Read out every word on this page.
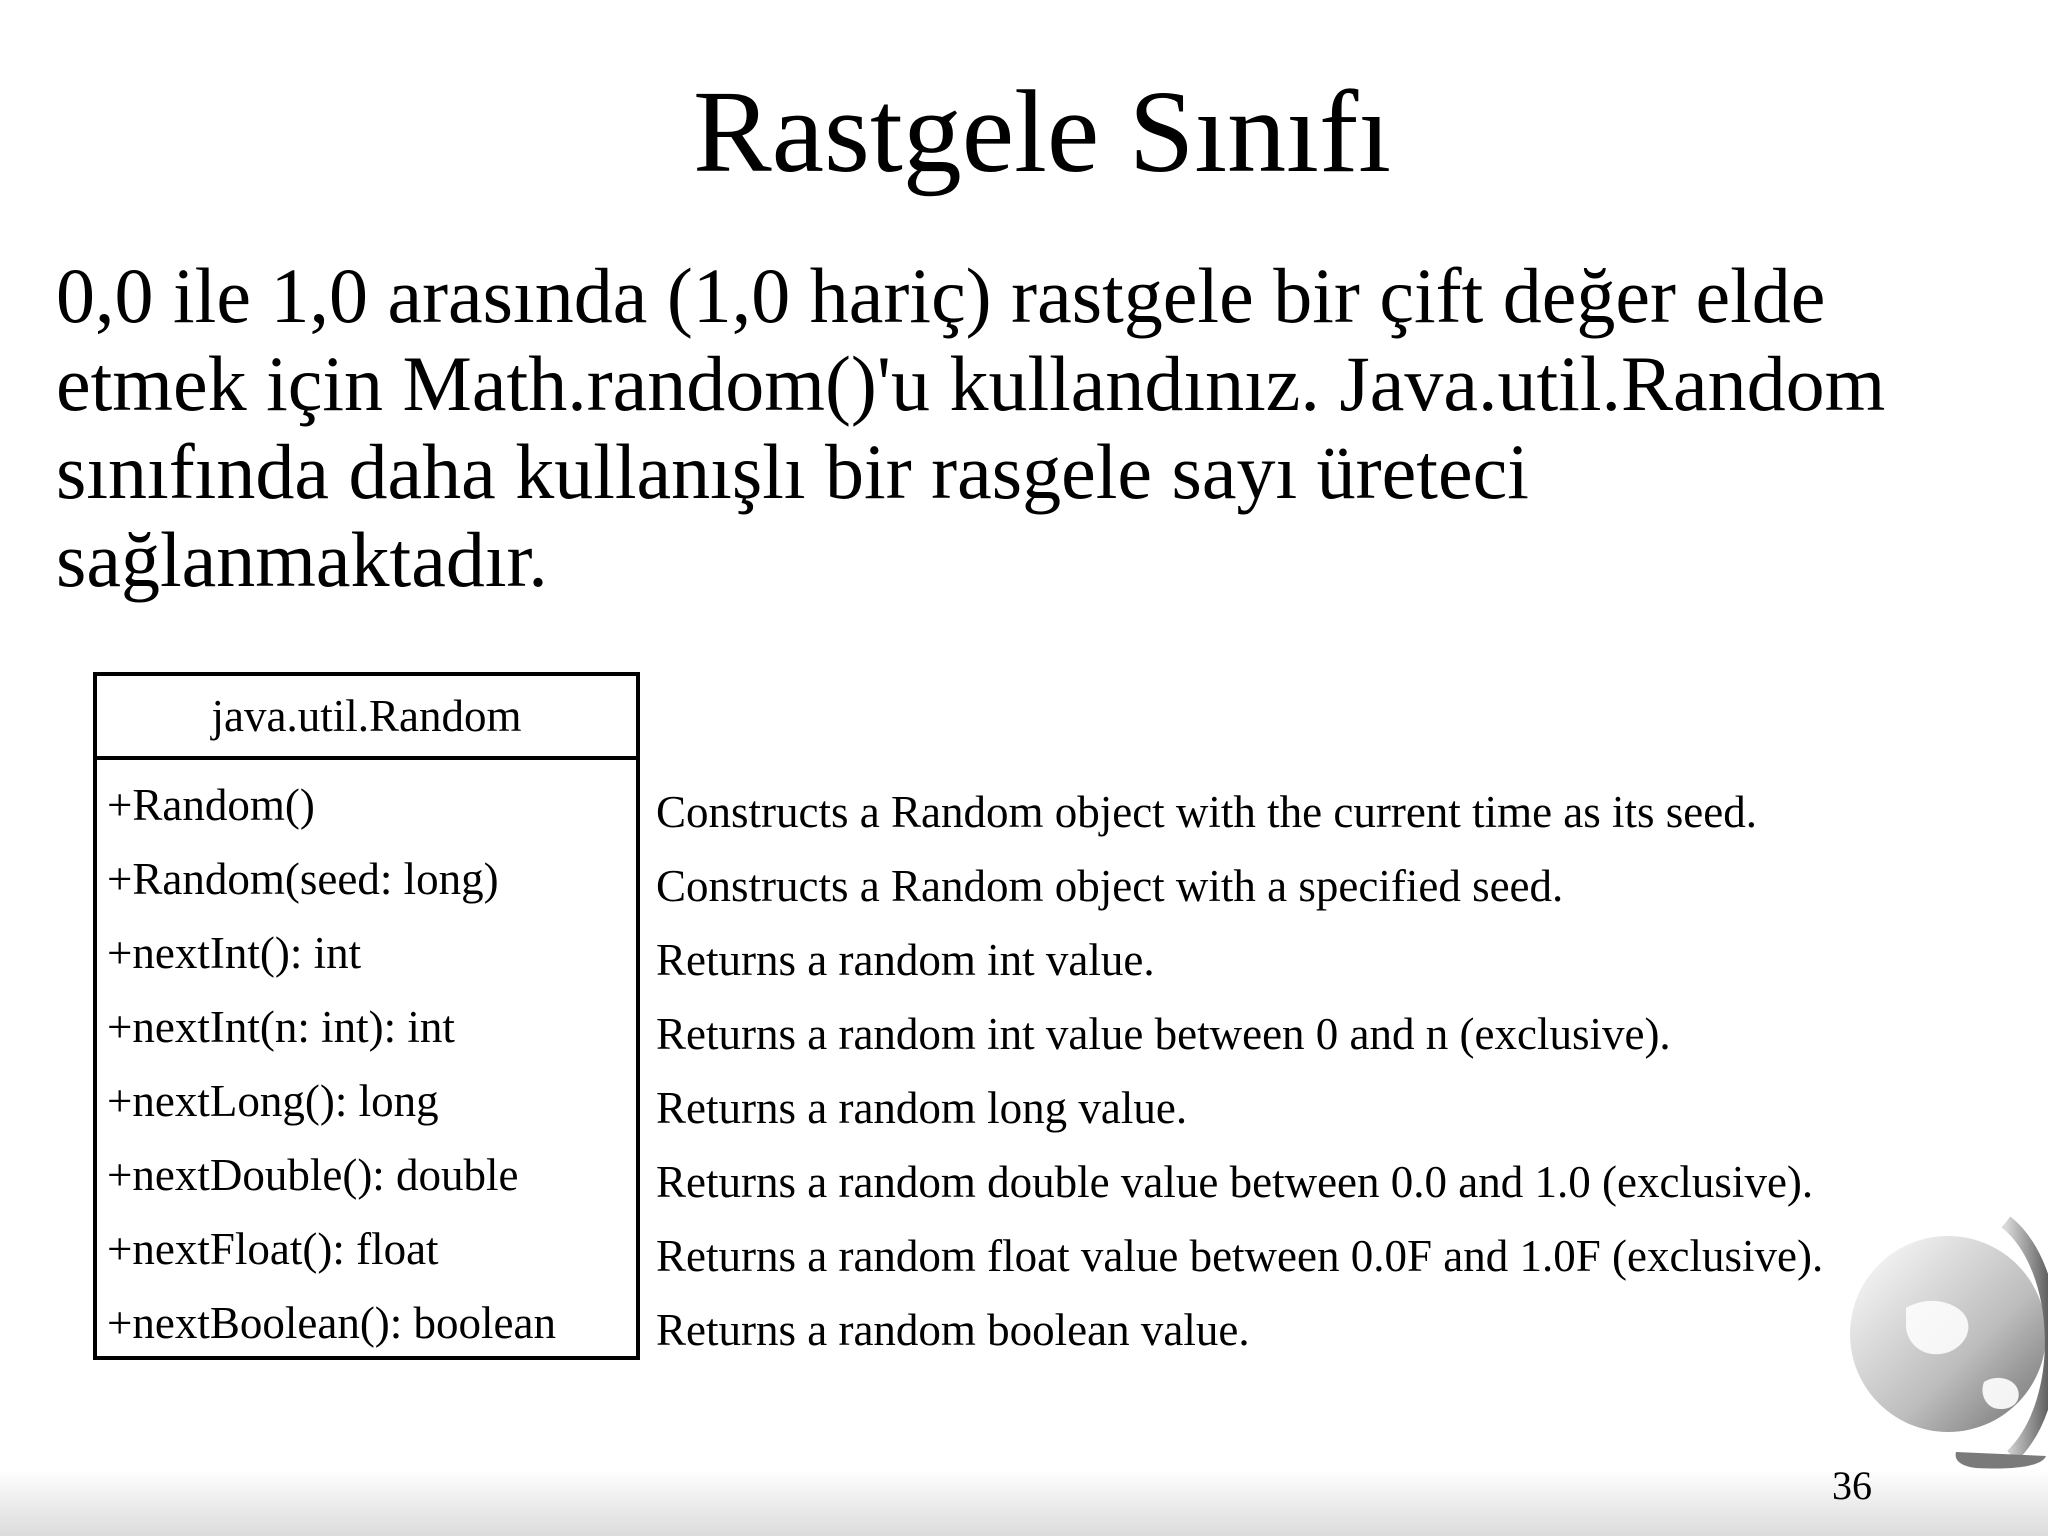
Rastgele Sınıfı
0,0 ile 1,0 arasında (1,0 hariç) rastgele bir çift değer elde etmek için Math.random()'u kullandınız. Java.util.Random sınıfında daha kullanışlı bir rasgele sayı üreteci sağlanmaktadır.
java.util.Random
+Random()
+Random(seed: long)
+nextInt(): int
+nextInt(n: int): int
+nextLong(): long
+nextDouble(): double
+nextFloat(): float
+nextBoolean(): boolean
Constructs a Random object with the current time as its seed.
Constructs a Random object with a specified seed.
Returns a random int value.
Returns a random int value between 0 and n (exclusive).
Returns a random long value.
Returns a random double value between 0.0 and 1.0 (exclusive).
Returns a random float value between 0.0F and 1.0F (exclusive).
Returns a random boolean value.
36
